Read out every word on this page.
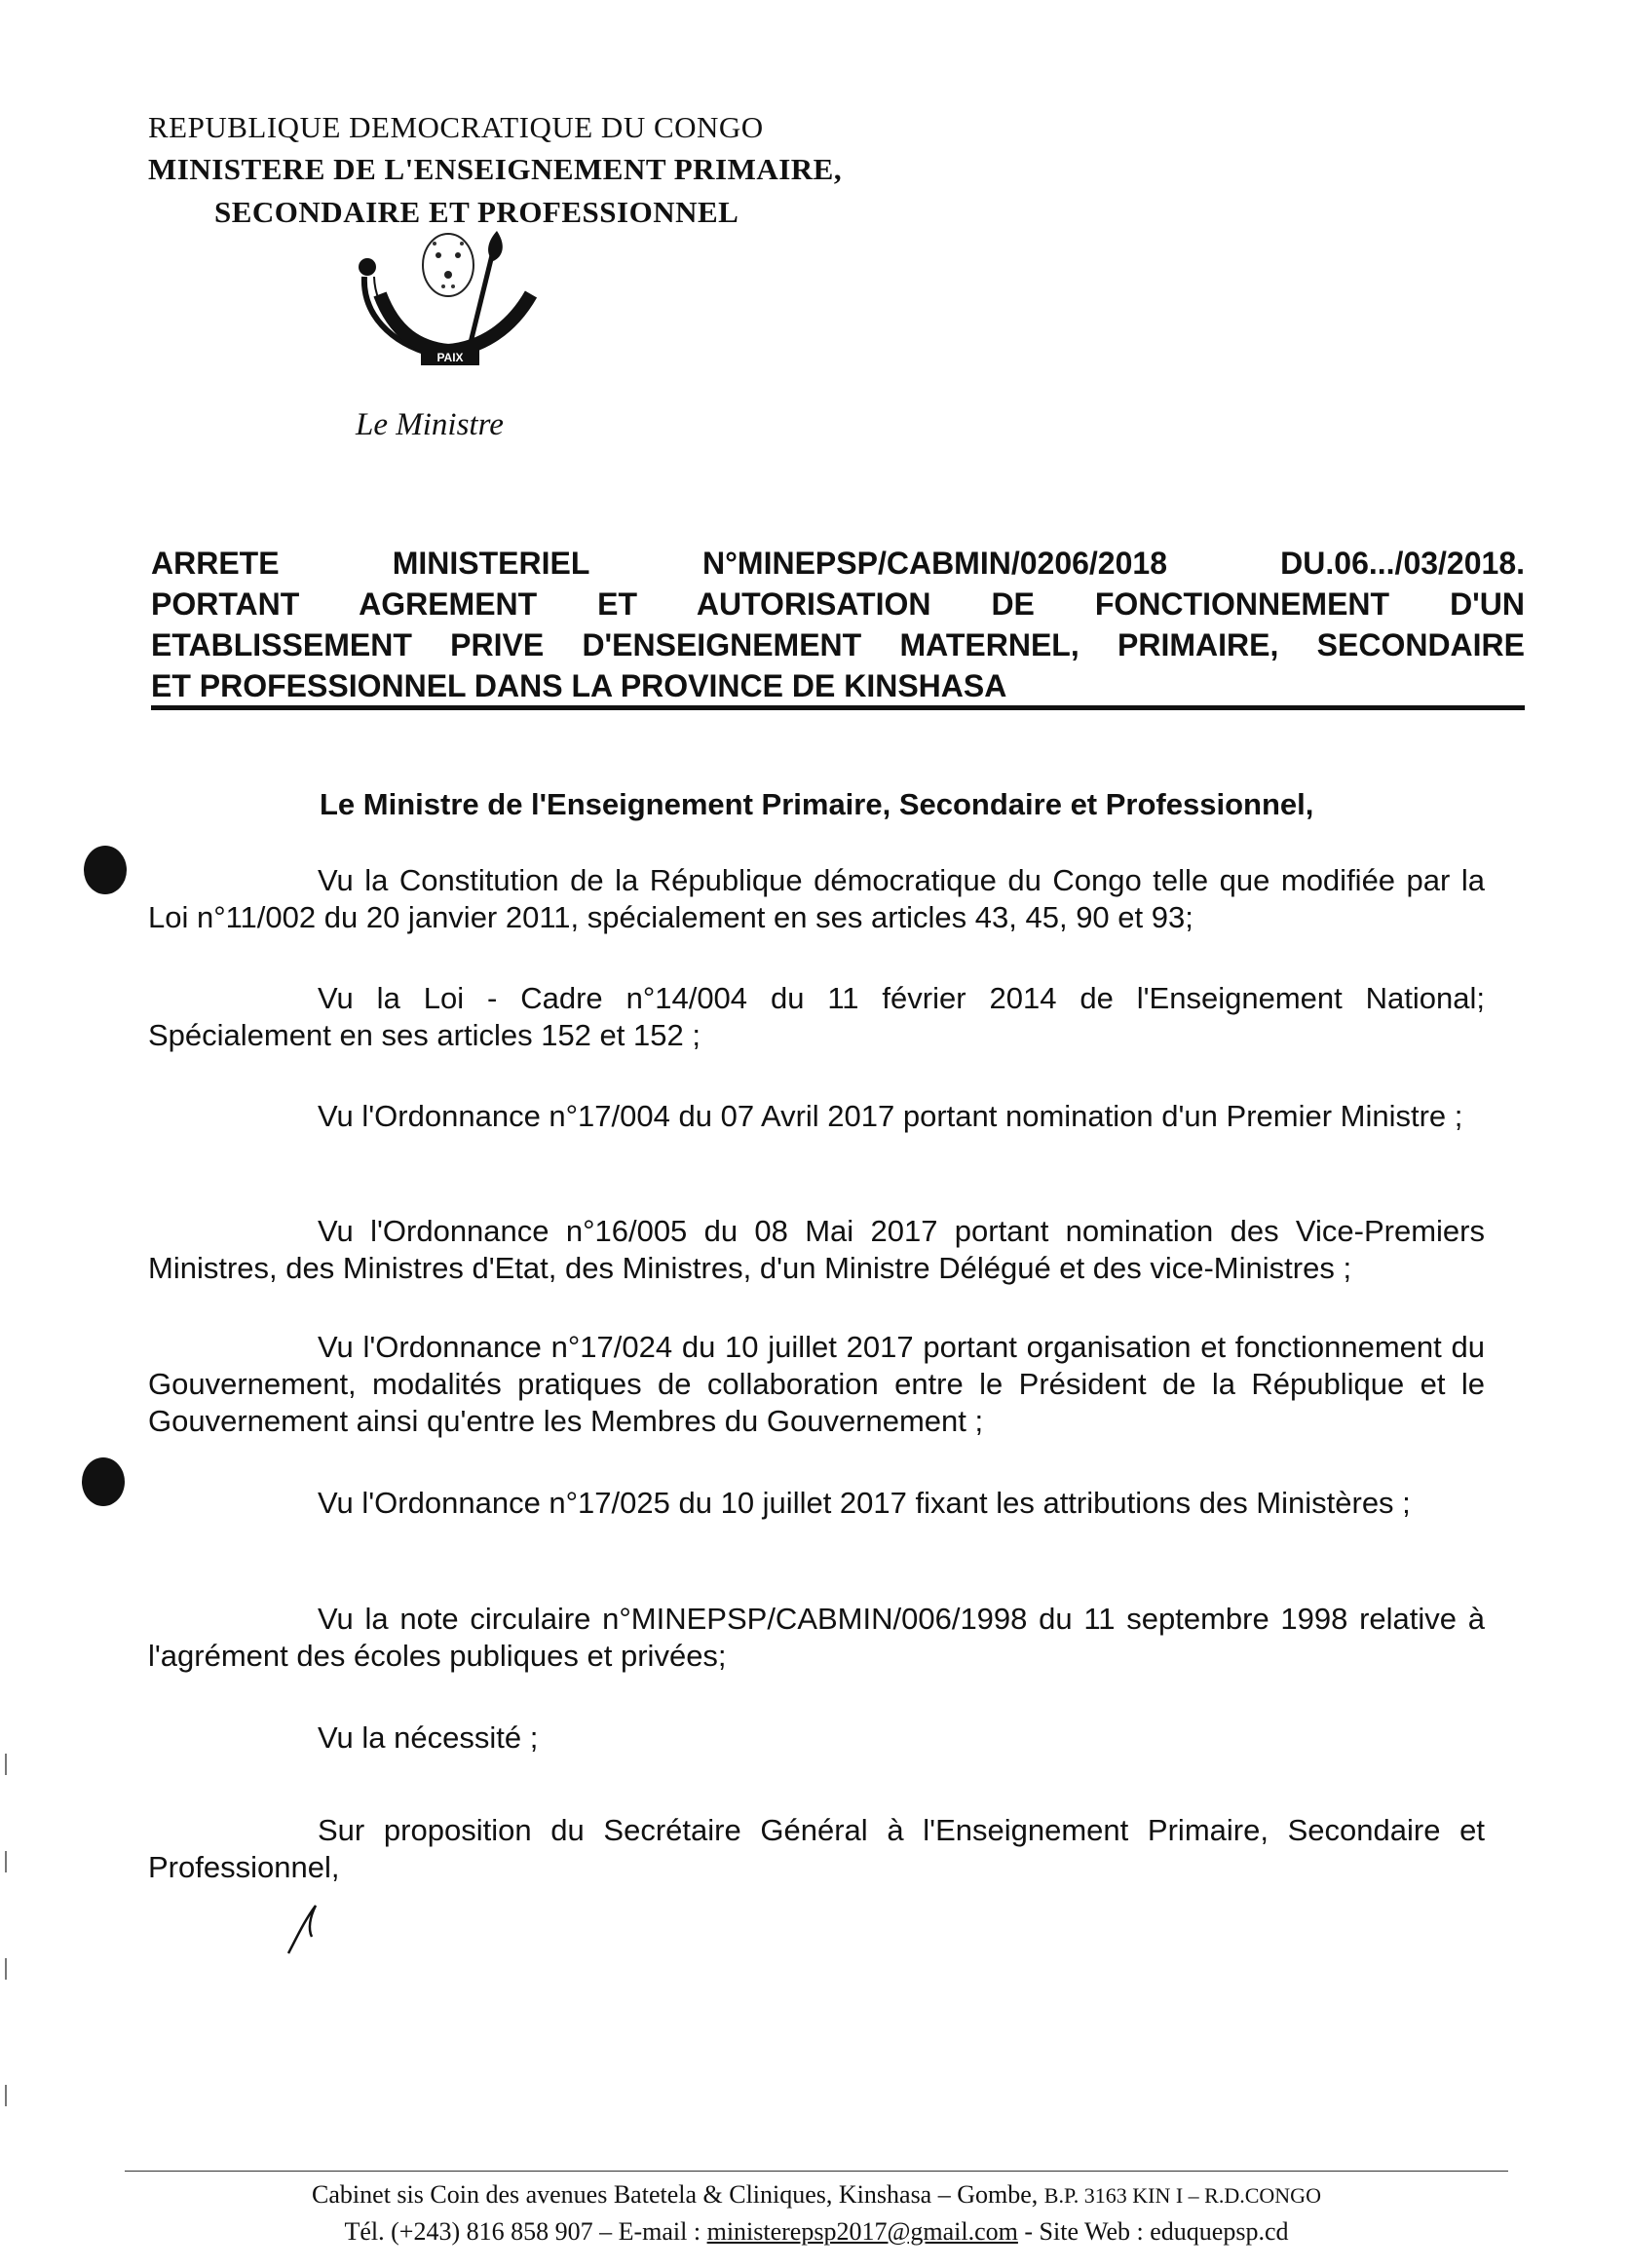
REPUBLIQUE DEMOCRATIQUE DU CONGO
MINISTERE DE L'ENSEIGNEMENT PRIMAIRE,
SECONDAIRE ET PROFESSIONNEL
PAIX
Le Ministre
ARRETE MINISTERIEL N°MINEPSP/CABMIN/0206/2018 DU.06.../03/2018.
PORTANT AGREMENT ET AUTORISATION DE FONCTIONNEMENT D'UN
ETABLISSEMENT PRIVE D'ENSEIGNEMENT MATERNEL, PRIMAIRE, SECONDAIRE
ET PROFESSIONNEL DANS LA PROVINCE DE KINSHASA
Le Ministre de l'Enseignement Primaire, Secondaire et Professionnel,
Vu la Constitution de la République démocratique du Congo telle que modifiée par la Loi n°11/002 du 20 janvier 2011, spécialement en ses articles 43, 45, 90 et 93;
Vu la Loi - Cadre n°14/004 du 11 février 2014 de l'Enseignement National; Spécialement en ses articles 152 et 152 ;
Vu l'Ordonnance n°17/004 du 07 Avril 2017 portant nomination d'un Premier Ministre ;
Vu l'Ordonnance n°16/005 du 08 Mai 2017 portant nomination des Vice-Premiers Ministres, des Ministres d'Etat, des Ministres, d'un Ministre Délégué et des vice-Ministres ;
Vu l'Ordonnance n°17/024 du 10 juillet 2017 portant organisation et fonctionnement du Gouvernement, modalités pratiques de collaboration entre le Président de la République et le Gouvernement ainsi qu'entre les Membres du Gouvernement ;
Vu l'Ordonnance n°17/025 du 10 juillet 2017 fixant les attributions des Ministères ;
Vu la note circulaire n°MINEPSP/CABMIN/006/1998 du 11 septembre 1998 relative à l'agrément des écoles publiques et privées;
Vu la nécessité ;
Sur proposition du Secrétaire Général à l'Enseignement Primaire, Secondaire et Professionnel,
Cabinet sis Coin des avenues Batetela & Cliniques, Kinshasa – Gombe, B.P. 3163 KIN I – R.D.CONGO
Tél. (+243) 816 858 907 – E-mail : ministerepsp2017@gmail.com - Site Web : eduquepsp.cd
